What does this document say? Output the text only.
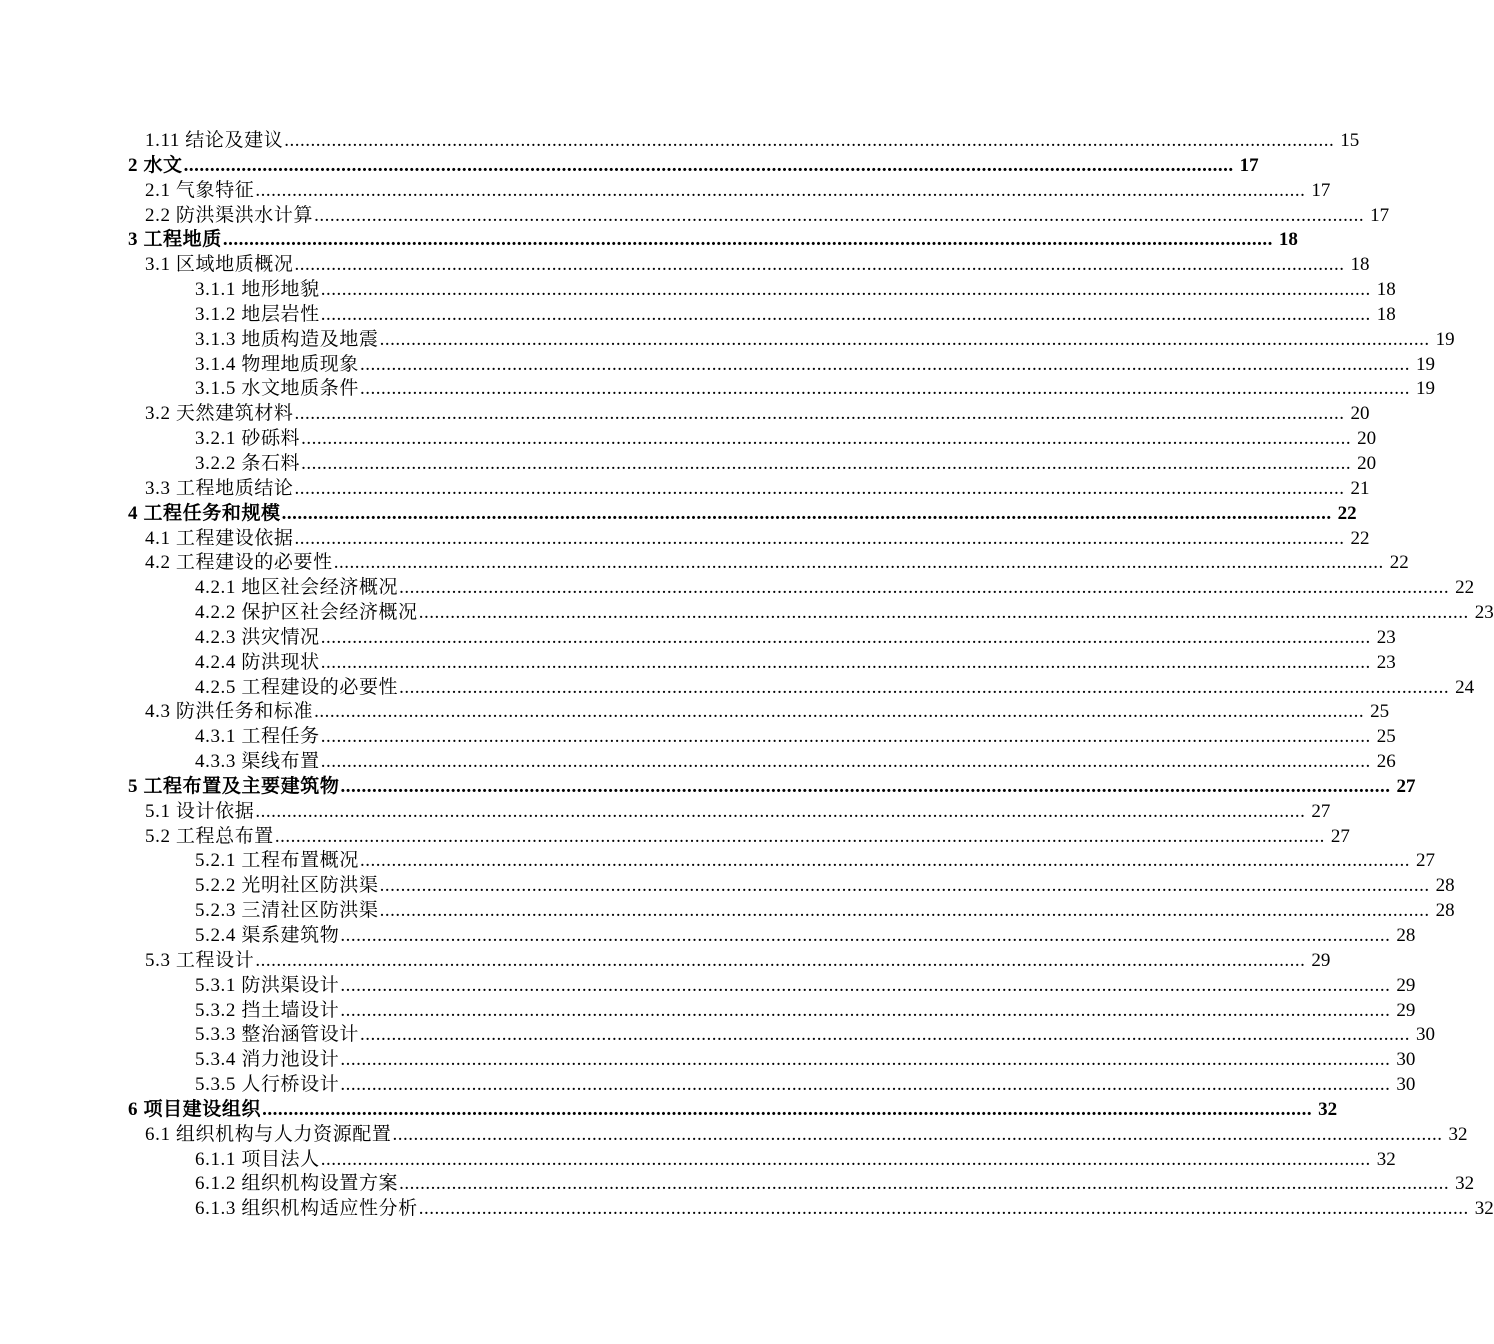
1.11 结论及建议 ........................................................................................................................................................................................................ 15
2 水文 ........................................................................................................................................................................................................ 17
2.1 气象特征 ........................................................................................................................................................................................................ 17
2.2 防洪渠洪水计算 ........................................................................................................................................................................................................ 17
3 工程地质 ........................................................................................................................................................................................................ 18
3.1 区域地质概况 ........................................................................................................................................................................................................ 18
3.1.1 地形地貌 ........................................................................................................................................................................................................ 18
3.1.2 地层岩性 ........................................................................................................................................................................................................ 18
3.1.3 地质构造及地震 ........................................................................................................................................................................................................ 19
3.1.4 物理地质现象 ........................................................................................................................................................................................................ 19
3.1.5 水文地质条件 ........................................................................................................................................................................................................ 19
3.2 天然建筑材料 ........................................................................................................................................................................................................ 20
3.2.1 砂砾料 ........................................................................................................................................................................................................ 20
3.2.2 条石料 ........................................................................................................................................................................................................ 20
3.3 工程地质结论 ........................................................................................................................................................................................................ 21
4 工程任务和规模 ........................................................................................................................................................................................................ 22
4.1 工程建设依据 ........................................................................................................................................................................................................ 22
4.2 工程建设的必要性 ........................................................................................................................................................................................................ 22
4.2.1 地区社会经济概况 ........................................................................................................................................................................................................ 22
4.2.2 保护区社会经济概况 ........................................................................................................................................................................................................ 23
4.2.3 洪灾情况 ........................................................................................................................................................................................................ 23
4.2.4 防洪现状 ........................................................................................................................................................................................................ 23
4.2.5 工程建设的必要性 ........................................................................................................................................................................................................ 24
4.3 防洪任务和标准 ........................................................................................................................................................................................................ 25
4.3.1 工程任务 ........................................................................................................................................................................................................ 25
4.3.3 渠线布置 ........................................................................................................................................................................................................ 26
5 工程布置及主要建筑物 ........................................................................................................................................................................................................ 27
5.1 设计依据 ........................................................................................................................................................................................................ 27
5.2 工程总布置 ........................................................................................................................................................................................................ 27
5.2.1 工程布置概况 ........................................................................................................................................................................................................ 27
5.2.2 光明社区防洪渠 ........................................................................................................................................................................................................ 28
5.2.3 三清社区防洪渠 ........................................................................................................................................................................................................ 28
5.2.4 渠系建筑物 ........................................................................................................................................................................................................ 28
5.3 工程设计 ........................................................................................................................................................................................................ 29
5.3.1 防洪渠设计 ........................................................................................................................................................................................................ 29
5.3.2 挡土墙设计 ........................................................................................................................................................................................................ 29
5.3.3 整治涵管设计 ........................................................................................................................................................................................................ 30
5.3.4 消力池设计 ........................................................................................................................................................................................................ 30
5.3.5 人行桥设计 ........................................................................................................................................................................................................ 30
6 项目建设组织 ........................................................................................................................................................................................................ 32
6.1 组织机构与人力资源配置 ........................................................................................................................................................................................................ 32
6.1.1 项目法人 ........................................................................................................................................................................................................ 32
6.1.2 组织机构设置方案 ........................................................................................................................................................................................................ 32
6.1.3 组织机构适应性分析 ........................................................................................................................................................................................................ 32
